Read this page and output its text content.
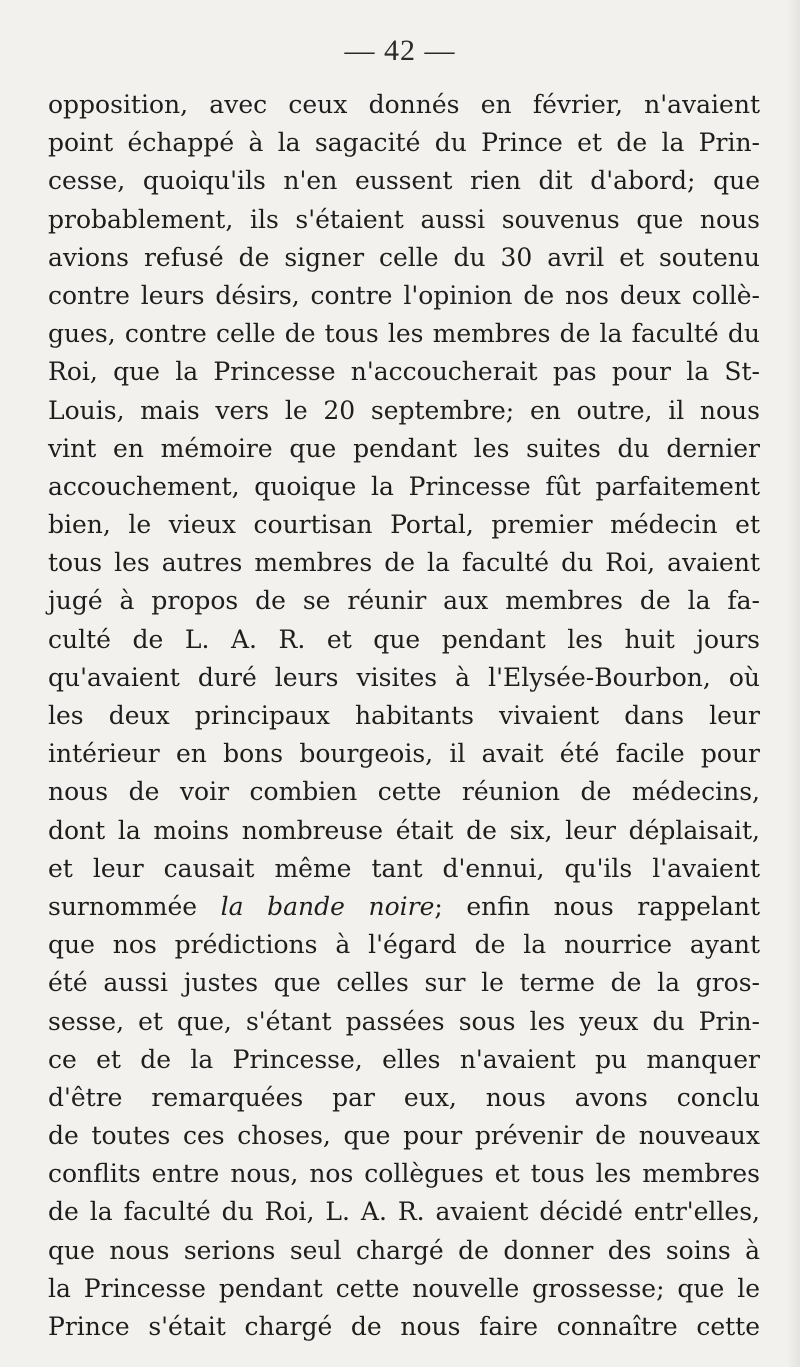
— 42 —
opposition, avec ceux donnés en février, n'avaient
point échappé à la sagacité du Prince et de la Prin-
cesse, quoiqu'ils n'en eussent rien dit d'abord; que
probablement, ils s'étaient aussi souvenus que nous
avions refusé de signer celle du 30 avril et soutenu
contre leurs désirs, contre l'opinion de nos deux collè-
gues, contre celle de tous les membres de la faculté du
Roi, que la Princesse n'accoucherait pas pour la St-
Louis, mais vers le 20 septembre; en outre, il nous
vint en mémoire que pendant les suites du dernier
accouchement, quoique la Princesse fût parfaitement
bien, le vieux courtisan Portal, premier médecin et
tous les autres membres de la faculté du Roi, avaient
jugé à propos de se réunir aux membres de la fa-
culté de L. A. R. et que pendant les huit jours
qu'avaient duré leurs visites à l'Elysée-Bourbon, où
les deux principaux habitants vivaient dans leur
intérieur en bons bourgeois, il avait été facile pour
nous de voir combien cette réunion de médecins,
dont la moins nombreuse était de six, leur déplaisait,
et leur causait même tant d'ennui, qu'ils l'avaient
surnommée la bande noire; enfin nous rappelant
que nos prédictions à l'égard de la nourrice ayant
été aussi justes que celles sur le terme de la gros-
sesse, et que, s'étant passées sous les yeux du Prin-
ce et de la Princesse, elles n'avaient pu manquer
d'être remarquées par eux, nous avons conclu
de toutes ces choses, que pour prévenir de nouveaux
conflits entre nous, nos collègues et tous les membres
de la faculté du Roi, L. A. R. avaient décidé entr'elles,
que nous serions seul chargé de donner des soins à
la Princesse pendant cette nouvelle grossesse; que le
Prince s'était chargé de nous faire connaître cette
